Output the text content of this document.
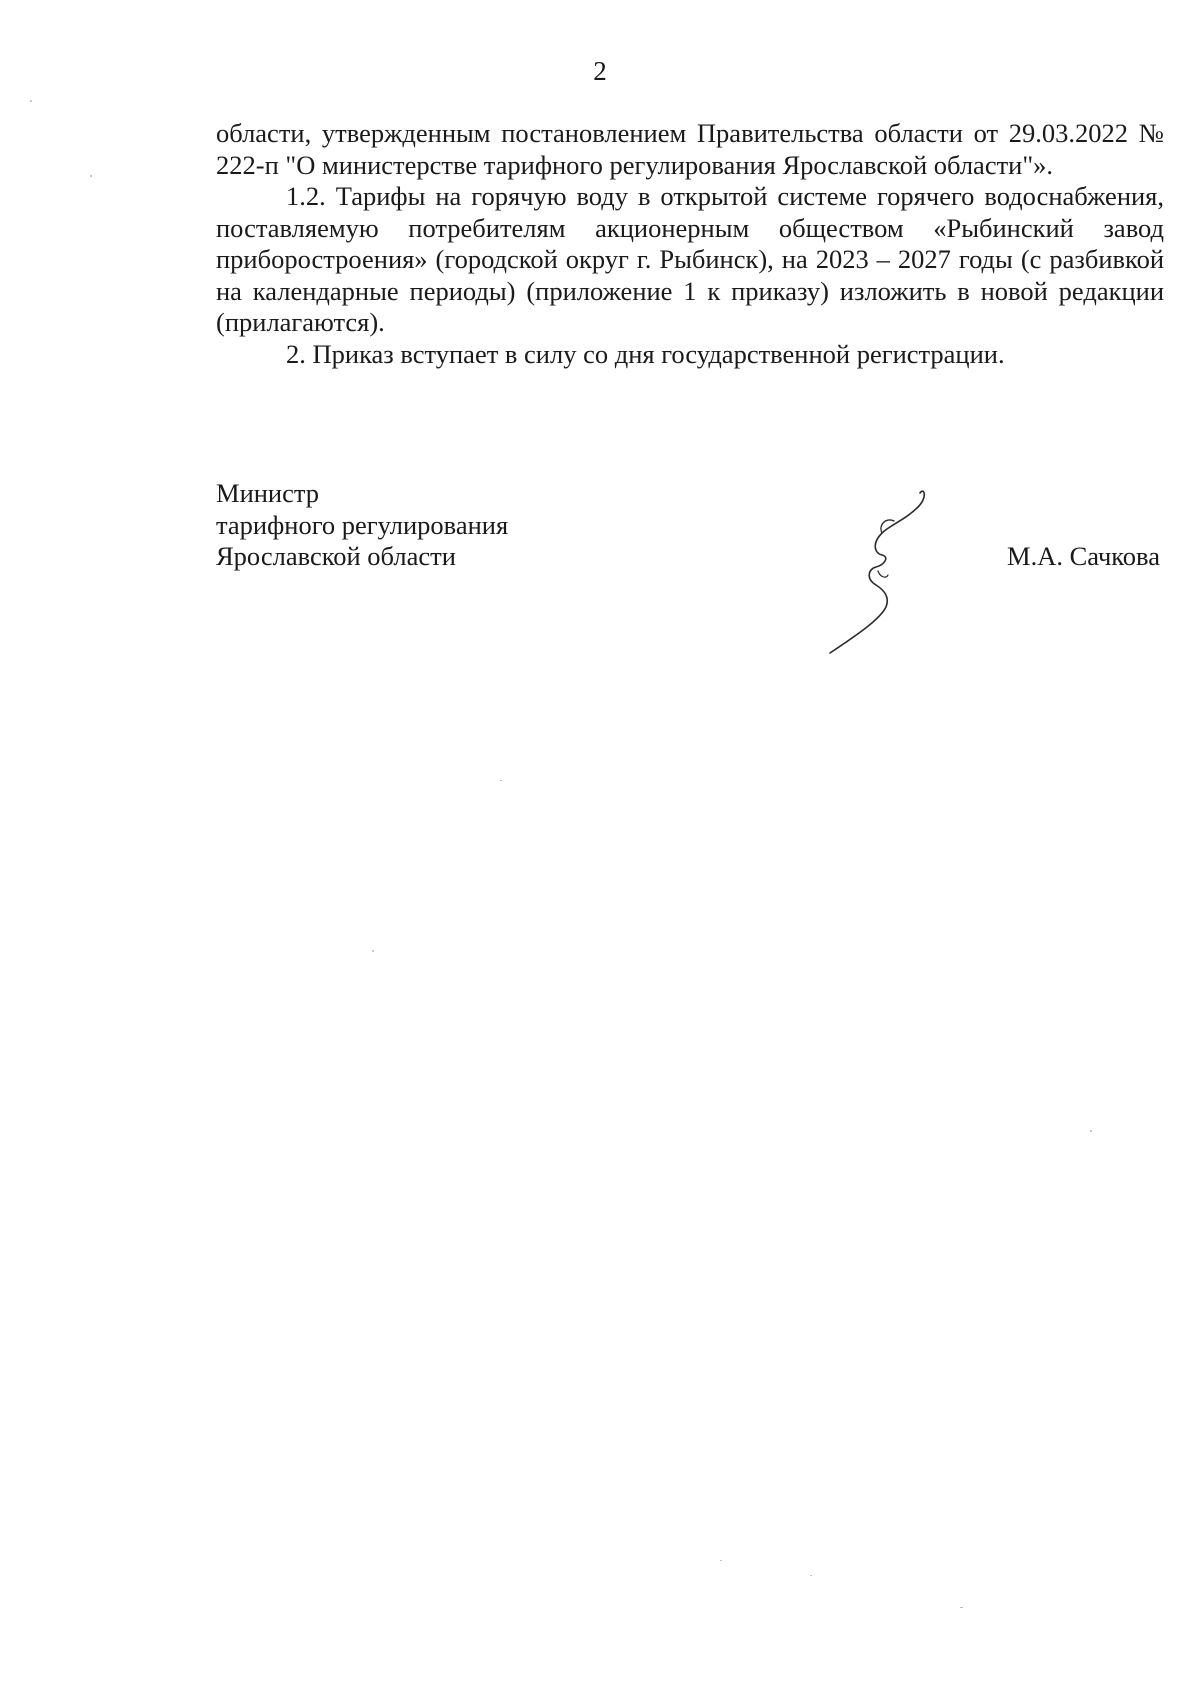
2

области, утвержденным постановлением Правительства области от 29.03.2022 № 222-п "О министерстве тарифного регулирования Ярославской области"».

1.2. Тарифы на горячую воду в открытой системе горячего водоснабжения, поставляемую потребителям акционерным обществом «Рыбинский завод приборостроения» (городской округ г. Рыбинск), на 2023 – 2027 годы (с разбивкой на календарные периоды) (приложение 1 к приказу) изложить в новой редакции (прилагаются).

2. Приказ вступает в силу со дня государственной регистрации.

Министр
тарифного регулирования
Ярославской области	М.А. Сачкова
